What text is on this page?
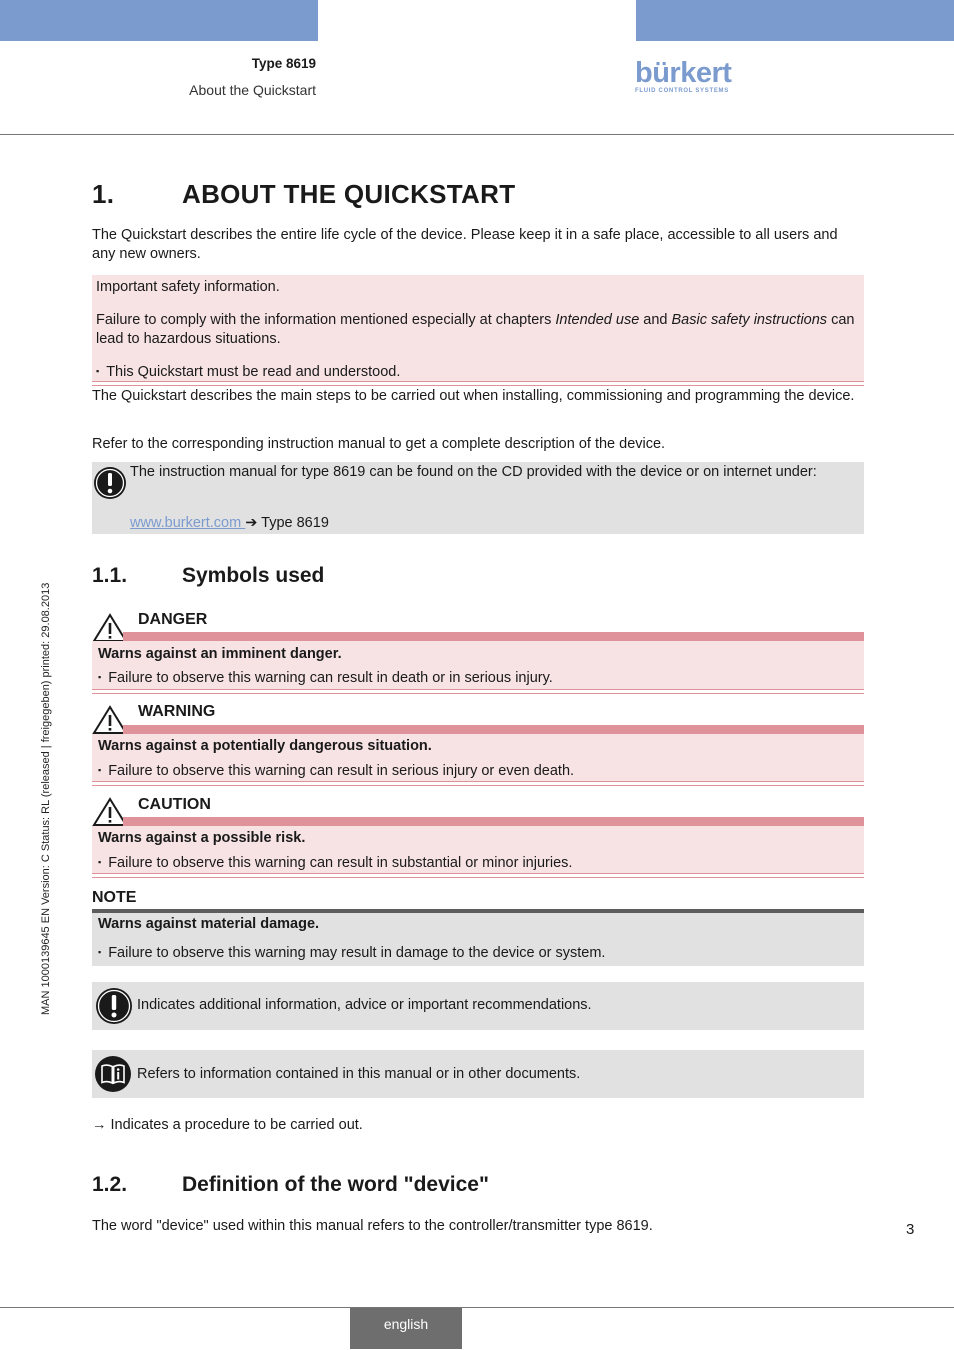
Type 8619
About the Quickstart
bürkert
FLUID CONTROL SYSTEMS
1.	ABOUT THE QUICKSTART
The Quickstart describes the entire life cycle of the device. Please keep it in a safe place, accessible to all users and any new owners.
Important safety information.
Failure to comply with the information mentioned especially at chapters Intended use and Basic safety instructions can lead to hazardous situations.
▪ This Quickstart must be read and understood.
The Quickstart describes the main steps to be carried out when installing, commissioning and programming the device.
Refer to the corresponding instruction manual to get a complete description of the device.
The instruction manual for type 8619 can be found on the CD provided with the device or on internet under:
www.burkert.com ➔ Type 8619
1.1.	Symbols used
DANGER
Warns against an imminent danger.
▪ Failure to observe this warning can result in death or in serious injury.
WARNING
Warns against a potentially dangerous situation.
▪ Failure to observe this warning can result in serious injury or even death.
CAUTION
Warns against a possible risk.
▪ Failure to observe this warning can result in substantial or minor injuries.
NOTE
Warns against material damage.
▪ Failure to observe this warning may result in damage to the device or system.
Indicates additional information, advice or important recommendations.
Refers to information contained in this manual or in other documents.
→ Indicates a procedure to be carried out.
1.2.	Definition of the word "device"
The word "device" used within this manual refers to the controller/transmitter type 8619.
MAN 1000139645 EN Version: C Status: RL (released | freigegeben) printed: 29.08.2013
3
english
